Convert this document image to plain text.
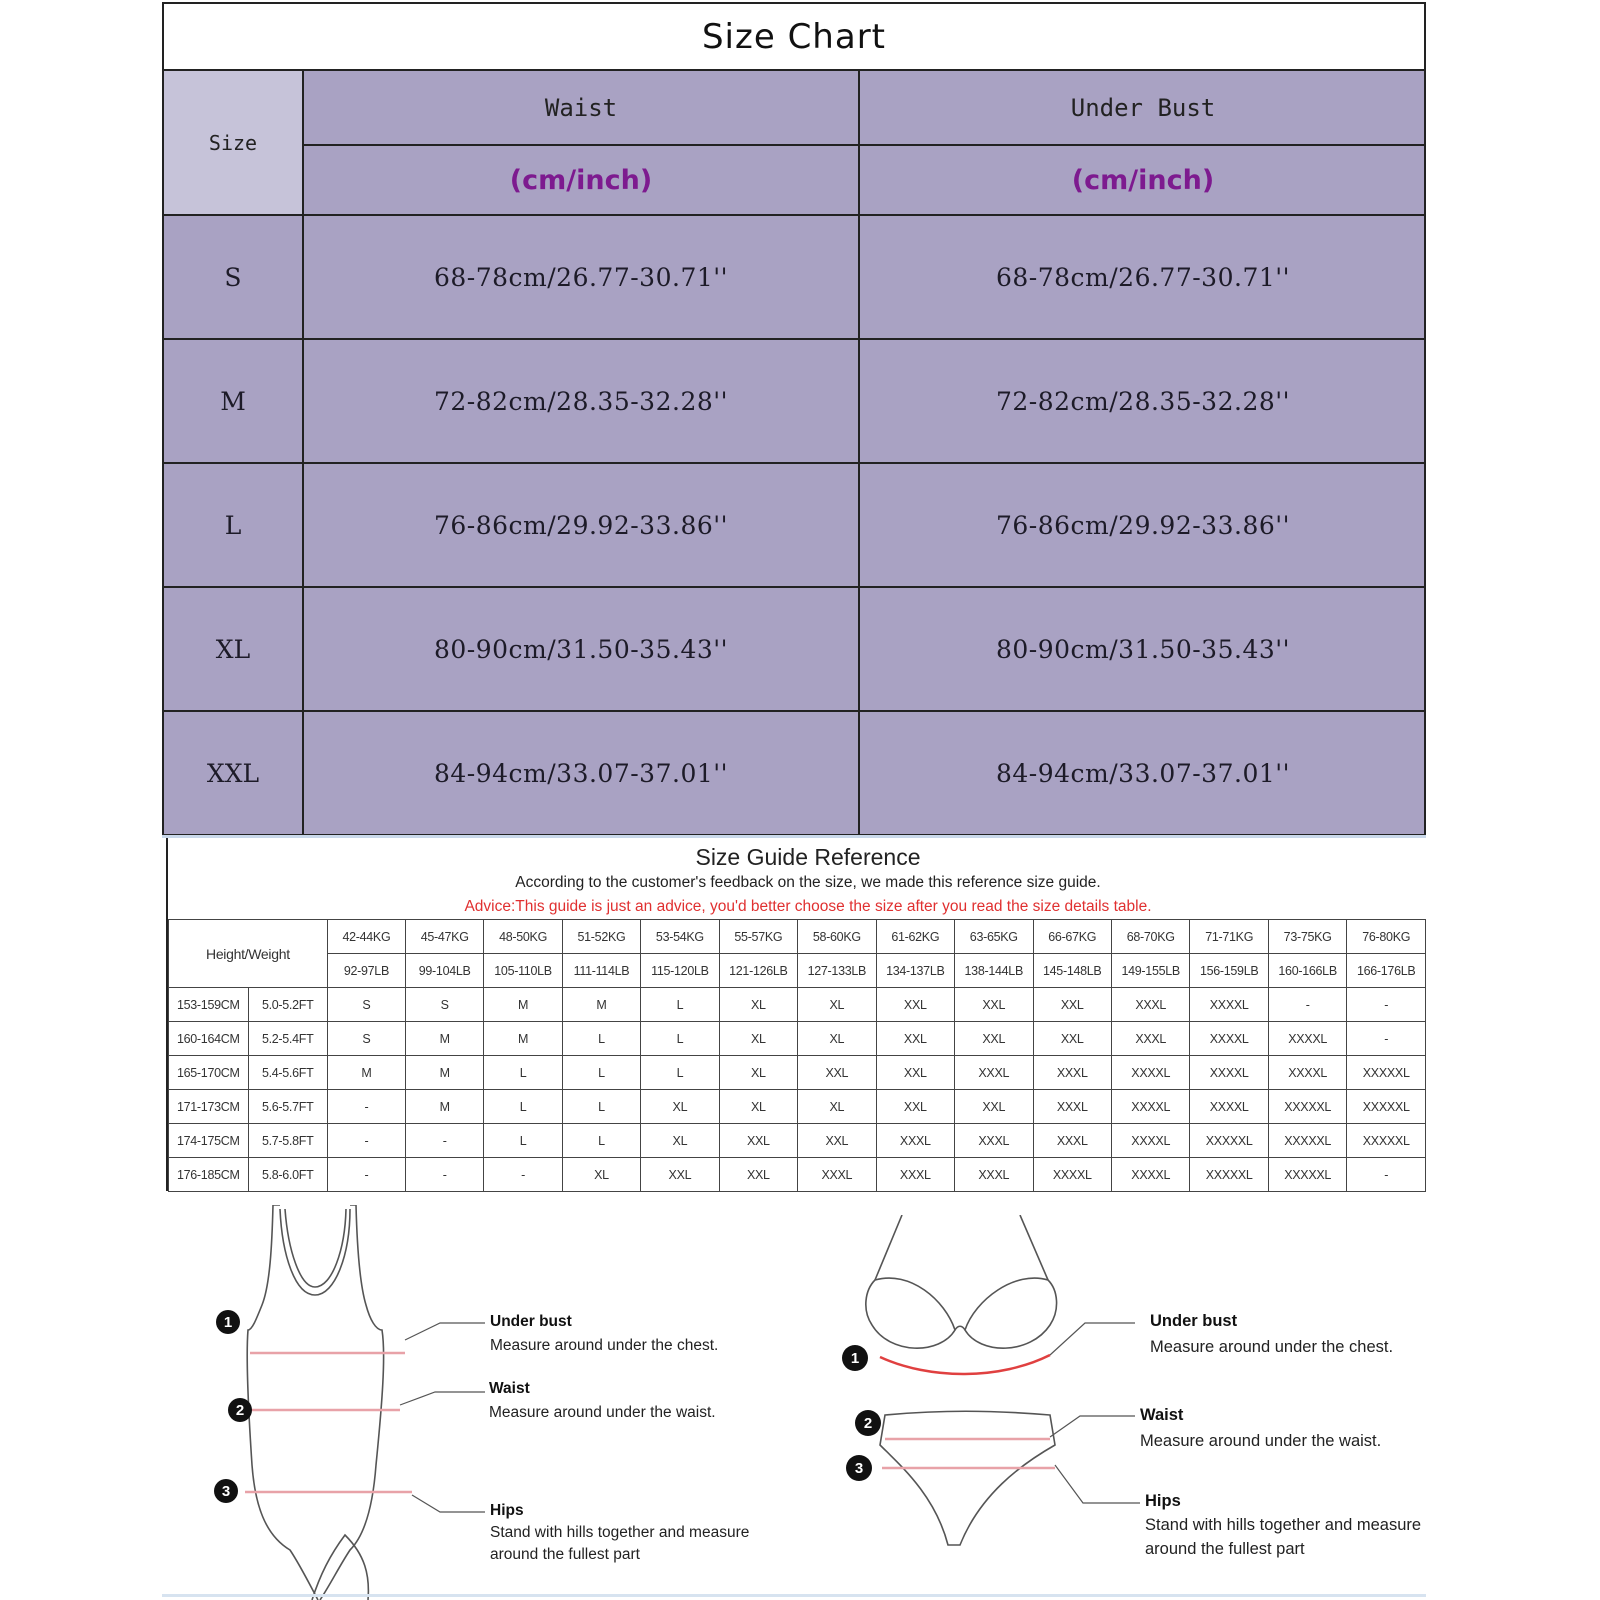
Size Chart
Size
Waist	Under Bust
(cm/inch)	(cm/inch)
S	68-78cm/26.77-30.71''	68-78cm/26.77-30.71''
M	72-82cm/28.35-32.28''	72-82cm/28.35-32.28''
L	76-86cm/29.92-33.86''	76-86cm/29.92-33.86''
XL	80-90cm/31.50-35.43''	80-90cm/31.50-35.43''
XXL	84-94cm/33.07-37.01''	84-94cm/33.07-37.01''
Size Guide Reference
According to the customer's feedback on the size, we made this reference size guide.
Advice:This guide is just an advice, you'd better choose the size after you read the size details table.
Height/Weight		42-44KG	45-47KG	48-50KG	51-52KG	53-54KG	55-57KG	58-60KG	61-62KG	63-65KG	66-67KG	68-70KG	71-71KG	73-75KG	76-80KG
		92-97LB	99-104LB	105-110LB	111-114LB	115-120LB	121-126LB	127-133LB	134-137LB	138-144LB	145-148LB	149-155LB	156-159LB	160-166LB	166-176LB
153-159CM	5.0-5.2FT	S	S	M	M	L	XL	XL	XXL	XXL	XXL	XXXL	XXXXL	-	-
160-164CM	5.2-5.4FT	S	M	M	L	L	XL	XL	XXL	XXL	XXL	XXXL	XXXXL	XXXXL	-
165-170CM	5.4-5.6FT	M	M	L	L	L	XL	XXL	XXL	XXXL	XXXL	XXXXL	XXXXL	XXXXL	XXXXXL
171-173CM	5.6-5.7FT	-	M	L	L	XL	XL	XL	XXL	XXL	XXXL	XXXXL	XXXXL	XXXXXL	XXXXXL
174-175CM	5.7-5.8FT	-	-	L	L	XL	XXL	XXL	XXXL	XXXL	XXXL	XXXXL	XXXXXL	XXXXXL	XXXXXL
176-185CM	5.8-6.0FT	-	-	-	XL	XXL	XXL	XXXL	XXXL	XXXL	XXXXL	XXXXL	XXXXXL	XXXXXL	-
1
2
3
Under bust
Measure around under the chest.
Waist
Measure around under the waist.
Hips
Stand with hills together and measure
around the fullest part
1
2
3
Under bust
Measure around under the chest.
Waist
Measure around under the waist.
Hips
Stand with hills together and measure
around the fullest part
